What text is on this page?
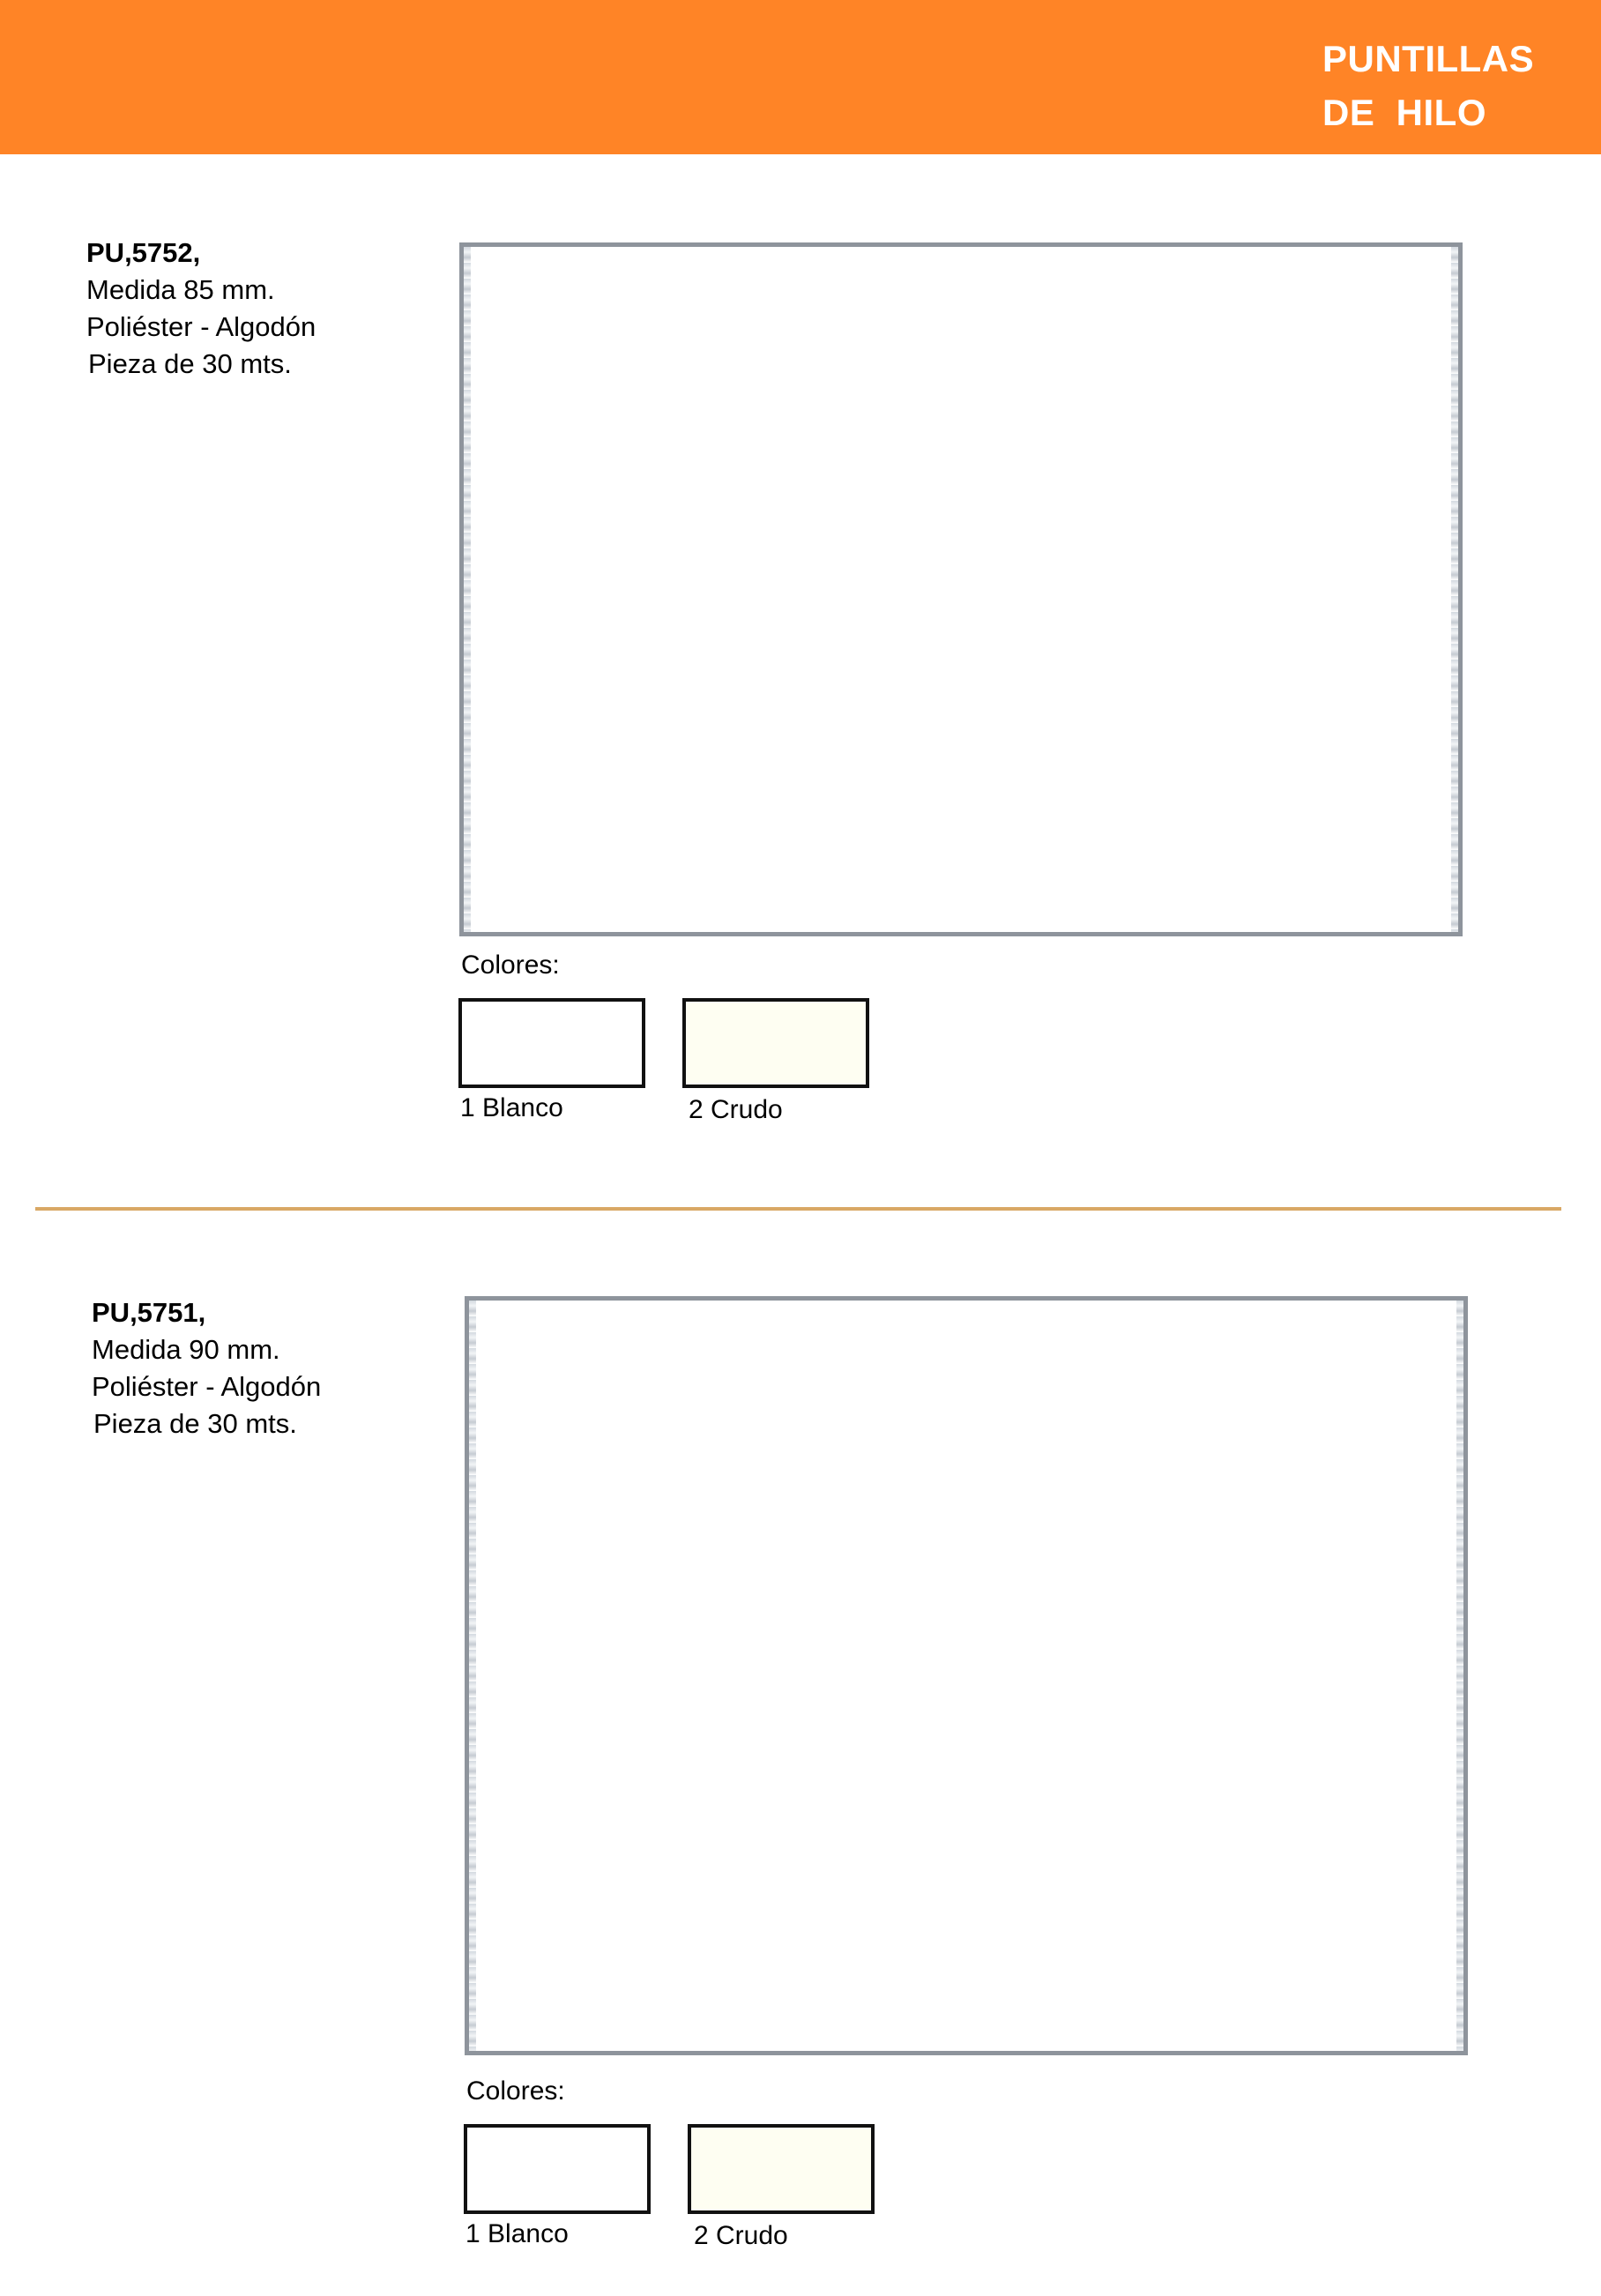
PUNTILLAS
DE  HILO
PU,5752,
Medida 85 mm.
Poliéster - Algodón
Pieza de 30 mts.
Colores:
1 Blanco	2 Crudo
PU,5751,
Medida 90 mm.
Poliéster - Algodón
Pieza de 30 mts.
Colores:
1 Blanco	2 Crudo
